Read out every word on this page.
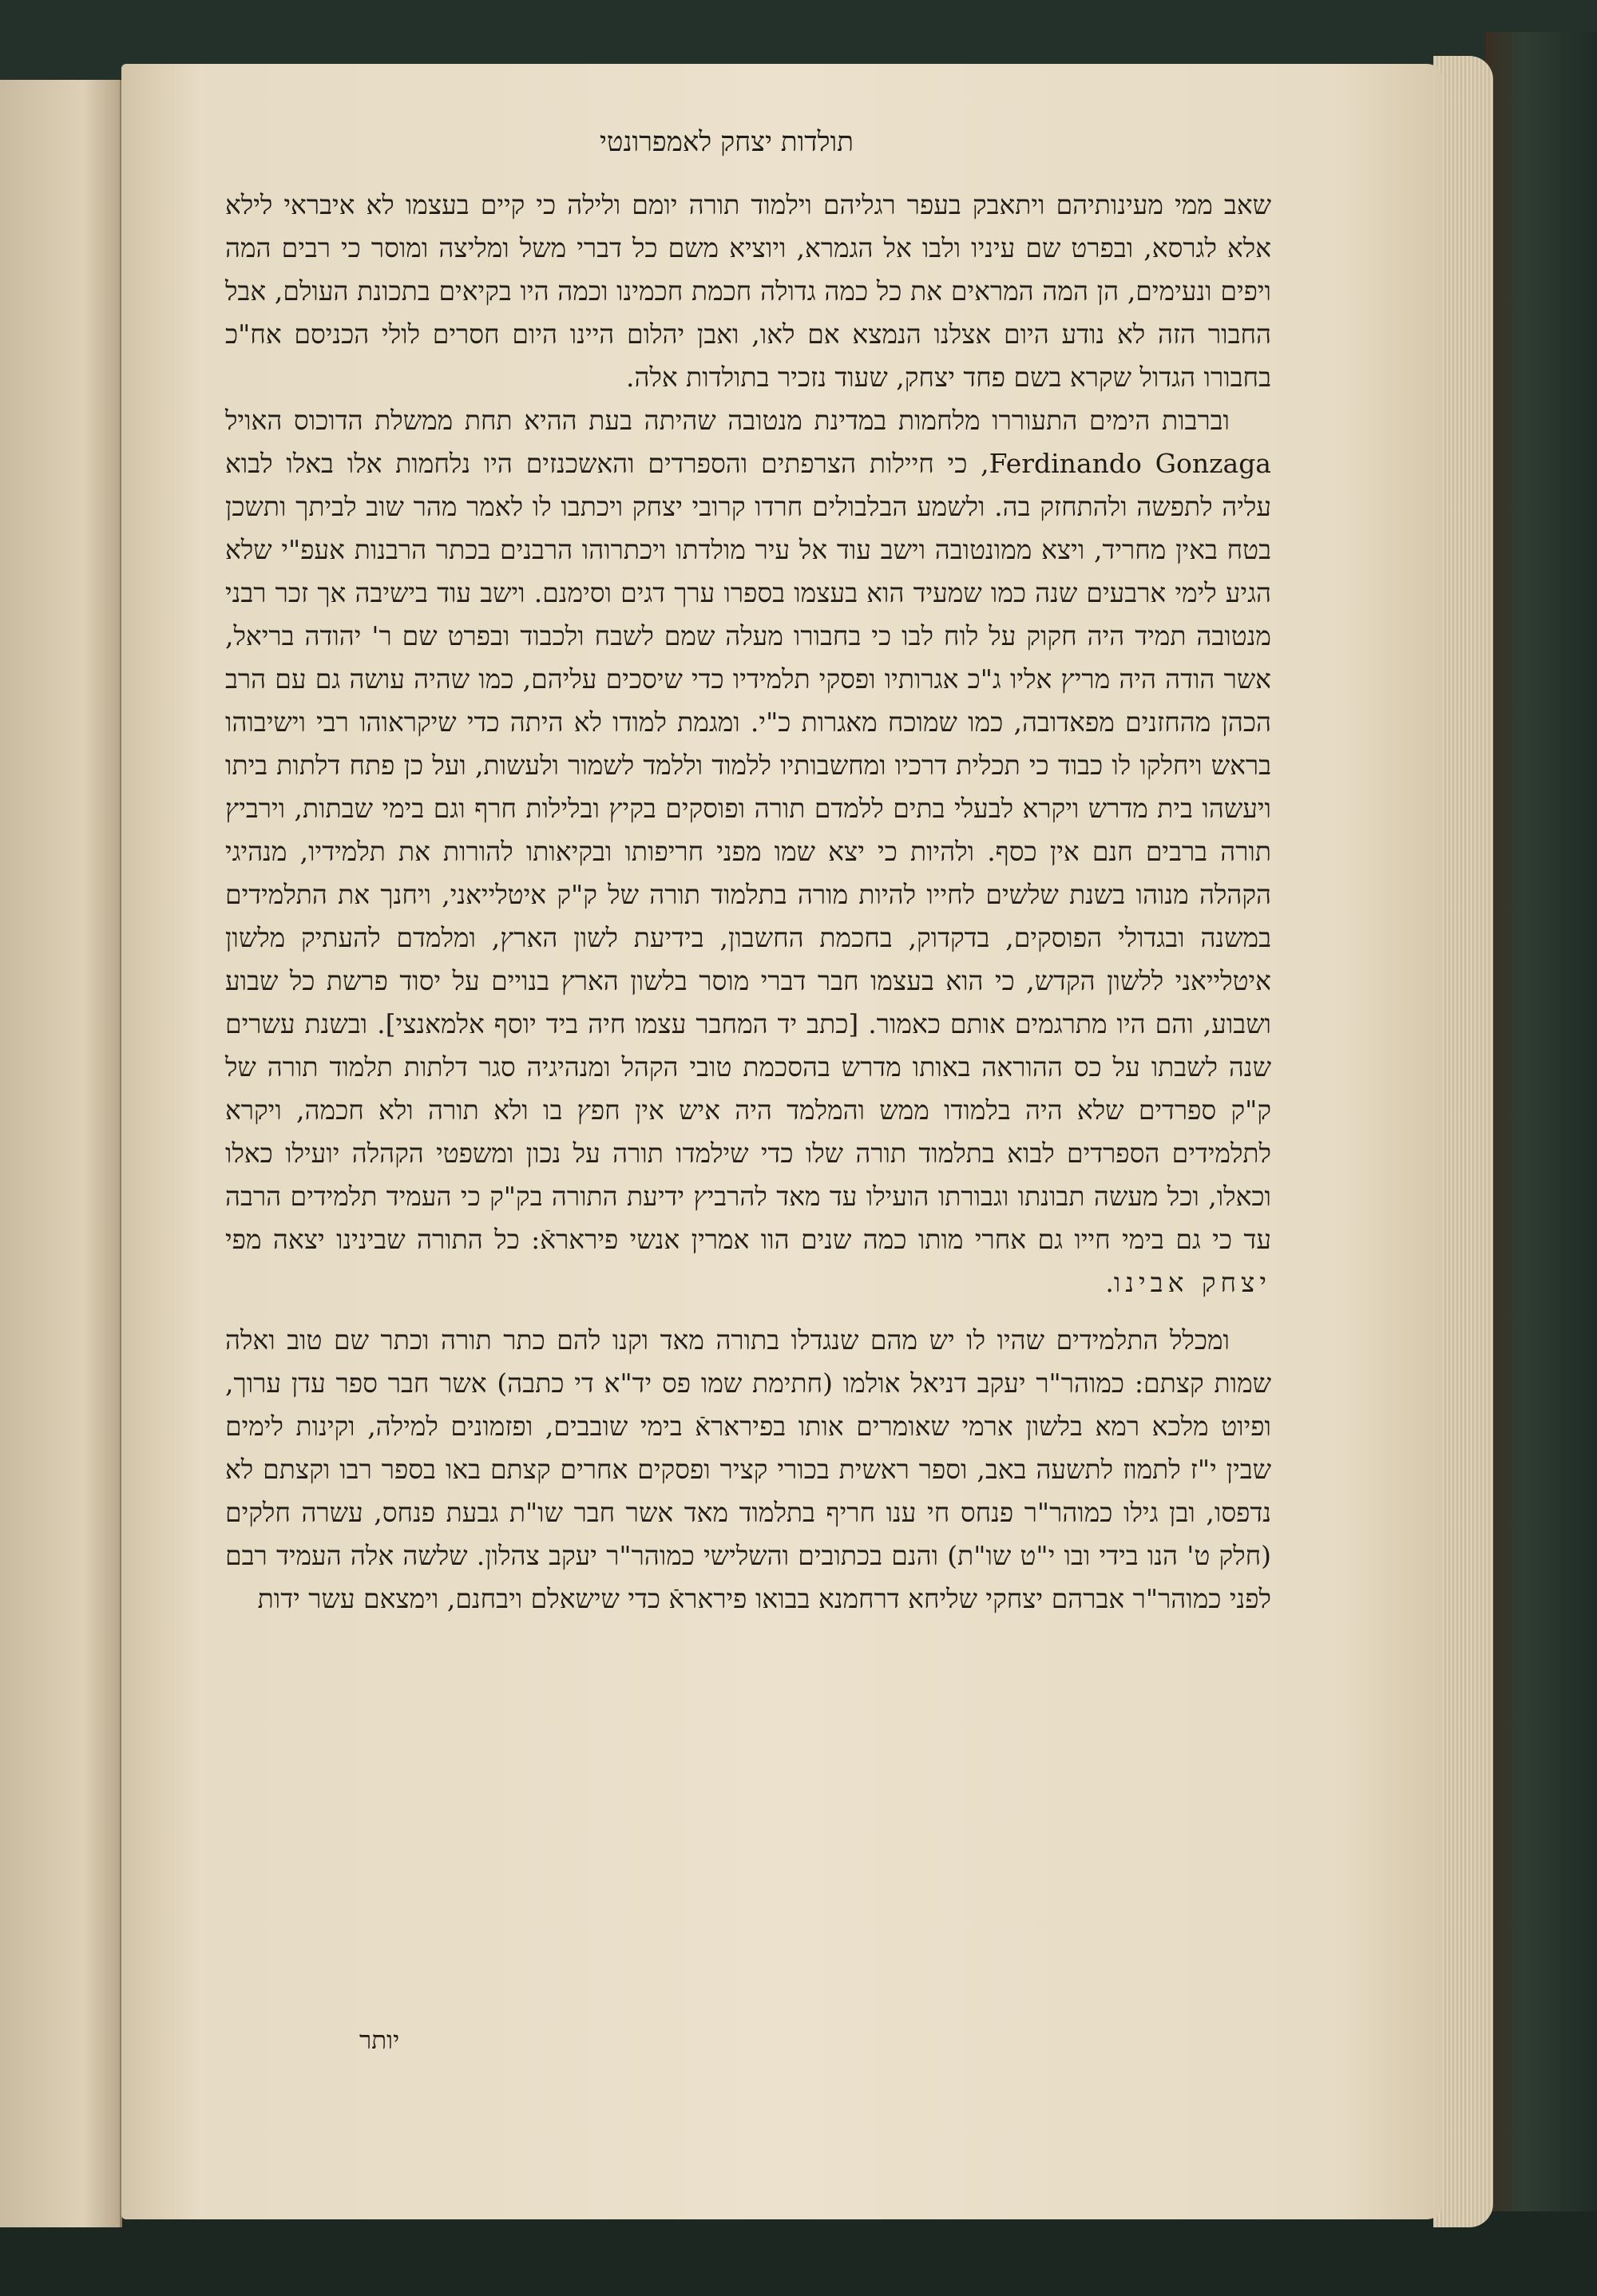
תולדות יצחק לאמפרונטי

שאב ממי מעינותיהם ויתאבק בעפר רגליהם וילמוד תורה יומם ולילה כי קיים בעצמו לא איבראי לילא אלא לגרסא, ובפרט שם עיניו ולבו אל הגמרא, ויוציא משם כל דברי משל ומליצה ומוסר כי רבים המה ויפים ונעימים, הן המה המראים את כל כמה גדולה חכמת חכמינו וכמה היו בקיאים בתכונת העולם, אבל החבור הזה לא נודע היום אצלנו הנמצא אם לאו, ואבן יהלום היינו היום חסרים לולי הכניסם אח"כ בחבורו הגדול שקרא בשם פחד יצחק, שעוד נזכיר בתולדות אלה.

וברבות הימים התעוררו מלחמות במדינת מנטובה שהיתה בעת ההיא תחת ממשלת הדוכוס האויל Ferdinando Gonzaga, כי חיילות הצרפתים והספרדים והאשכנזים היו נלחמות אלו באלו לבוא עליה לתפשה ולהתחזק בה. ולשמע הבלבולים חרדו קרובי יצחק ויכתבו לו לאמר מהר שוב לביתך ותשכן בטח באין מחריד, ויצא ממונטובה וישב עוד אל עיר מולדתו ויכתרוהו הרבנים בכתר הרבנות אעפ"י שלא הגיע לימי ארבעים שנה כמו שמעיד הוא בעצמו בספרו ערך דגים וסימנם. וישב עוד בישיבה אך זכר רבני מנטובה תמיד היה חקוק על לוח לבו כי בחבורו מעלה שמם לשבח ולכבוד ובפרט שם ר' יהודה בריאל, אשר הודה היה מריץ אליו ג"כ אגרותיו ופסקי תלמידיו כדי שיסכים עליהם, כמו שהיה עושה גם עם הרב הכהן מהחזנים מפאדובה, כמו שמוכח מאגרות כ"י. ומגמת למודו לא היתה כדי שיקראוהו רבי וישיבוהו בראש ויחלקו לו כבוד כי תכלית דרכיו ומחשבותיו ללמוד וללמד לשמור ולעשות, ועל כן פתח דלתות ביתו ויעשהו בית מדרש ויקרא לבעלי בתים ללמדם תורה ופוסקים בקיץ ובלילות חרף וגם בימי שבתות, וירביץ תורה ברבים חנם אין כסף. ולהיות כי יצא שמו מפני חריפותו ובקיאותו להורות את תלמידיו, מנהיגי הקהלה מנוהו בשנת שלשים לחייו להיות מורה בתלמוד תורה של ק"ק איטלייאני, ויחנך את התלמידים במשנה ובגדולי הפוסקים, בדקדוק, בחכמת החשבון, בידיעת לשון הארץ, ומלמדם להעתיק מלשון איטלייאני ללשון הקדש, כי הוא בעצמו חבר דברי מוסר בלשון הארץ בנויים על יסוד פרשת כל שבוע ושבוע, והם היו מתרגמים אותם כאמור. [כתב יד המחבר עצמו חיה ביד יוסף אלמאנצי]. ובשנת עשרים שנה לשבתו על כס ההוראה באותו מדרש בהסכמת טובי הקהל ומנהיגיה סגר דלתות תלמוד תורה של ק"ק ספרדים שלא היה בלמודו ממש והמלמד היה איש אין חפץ בו ולא תורה ולא חכמה, ויקרא לתלמידים הספרדים לבוא בתלמוד תורה שלו כדי שילמדו תורה על נכון ומשפטי הקהלה יועילו כאלו וכאלו, וכל מעשה תבונתו וגבורתו הועילו עד מאד להרביץ ידיעת התורה בק"ק כי העמיד תלמידים הרבה עד כי גם בימי חייו גם אחרי מותו כמה שנים הוו אמרין אנשי פיראראֿ: כל התורה שבינינו יצאה מפי יצחק אבינו.

ומכלל התלמידים שהיו לו יש מהם שנגדלו בתורה מאד וקנו להם כתר תורה וכתר שם טוב ואלה שמות קצתם: כמוהר"ר יעקב דניאל אולמו (חתימת שמו פס יד"א די כתבה) אשר חבר ספר עדן ערוך, ופיוט מלכא רמא בלשון ארמי שאומרים אותו בפיראראֿ בימי שובבים, ופזמונים למילה, וקינות לימים שבין י"ז לתמוז לתשעה באב, וספר ראשית בכורי קציר ופסקים אחרים קצתם באו בספר רבו וקצתם לא נדפסו, ובן גילו כמוהר"ר פנחס חי ענו חריף בתלמוד מאד אשר חבר שו"ת גבעת פנחס, עשרה חלקים (חלק ט' הנו בידי ובו י"ט שו"ת) והנם בכתובים והשלישי כמוהר"ר יעקב צהלון. שלשה אלה העמיד רבם לפני כמוהר"ר אברהם יצחקי שליחא דרחמנא בבואו פיראראֿ כדי שישאלם ויבחנם, וימצאם עשר ידות

יותר
